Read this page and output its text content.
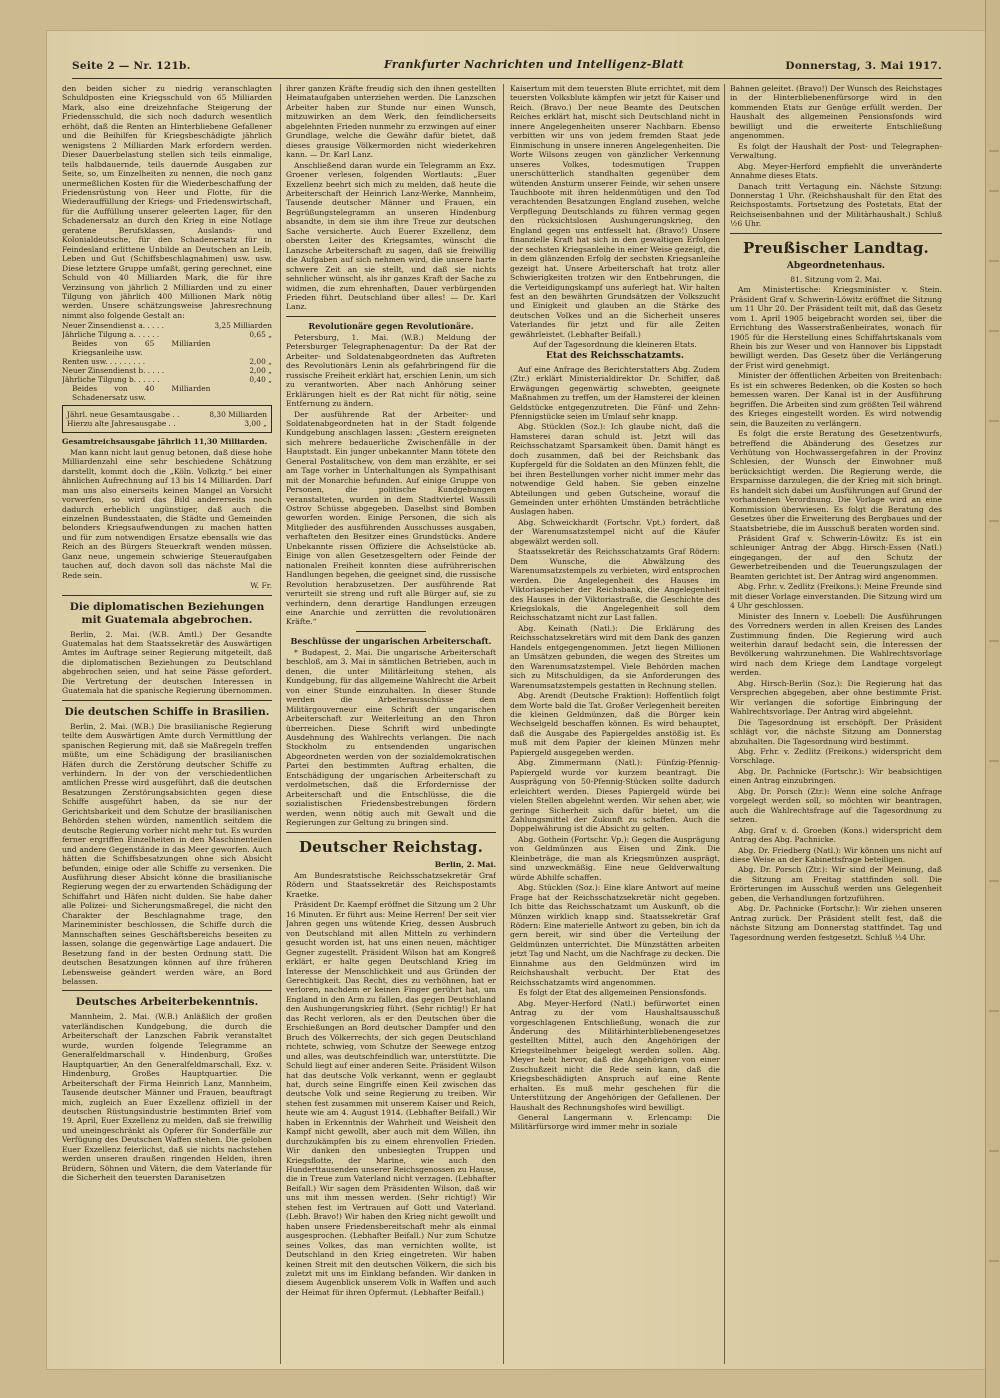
Seite 2 — Nr. 121b.	Frankfurter Nachrichten und Intelligenz-Blatt	Donnerstag, 3. Mai 1917.

den beiden sicher zu niedrig veranschlagten Schuldposten eine Kriegsschuld von 65 Milliarden Mark, also eine dreizehnfache Steigerung der Friedensschuld, die sich noch dadurch wesentlich erhöht, daß die Renten an Hinterbliebene Gefallener und die Beihilfen für Kriegsbeschädigte jährlich wenigstens 2 Milliarden Mark erfordern werden. Dieser Dauerbelastung stellen sich teils einmalige, teils halbdauernde, teils dauernde Ausgaben zur Seite, so, um Einzelheiten zu nennen, die noch ganz unermeßlichen Kosten für die Wiederbeschaffung der Friedensrüstung von Heer und Flotte, für die Wiederauffüllung der Kriegs- und Friedenswirtschaft, für die Auffüllung unserer geleerten Lager, für den Schadenersatz an durch den Krieg in eine Notlage geratene Berufsklassen, Auslands- und Kolonialdeutsche, für den Schadenersatz für in Feindesland erlittene Unbilde an Deutschen an Leib, Leben und Gut (Schiffsbeschlagnahmen) usw. usw. Diese letztere Gruppe umfaßt, gering gerechnet, eine Schuld von 40 Milliarden Mark, die für ihre Verzinsung von jährlich 2 Milliarden und zu einer Tilgung von jährlich 400 Millionen Mark nötig werden. Unsere schätzungsweise Jahresrechnung nimmt also folgende Gestalt an:

Neuer Zinsendienst a. . . . .	3,25 Milliarden
Jährliche Tilgung a. . . . . .	0,65 „
Beides von 65 Milliarden Kriegsanleihe usw.	
Renten usw. . . . . . . . .	2,00 „
Neuer Zinsendienst b. . . . .	2,00 „
Jährliche Tilgung b. . . . . .	0,40 „
Beides von 40 Milliarden Schadenersatz usw.	
Jährl. neue Gesamtausgabe . .	8,30 Milliarden
Hierzu alte Jahresausgabe . .	3,00 „

Gesamtreichsausgabe jährlich 11,30 Milliarden.

Man kann nicht laut genug betonen, daß diese hohe Milliardenzahl eine sehr beschiedene Schätzung darstellt, kommt doch die „Köln. Volkztg.“ bei einer ähnlichen Aufrechnung auf 13 bis 14 Milliarden. Darf man uns also einerseits keinen Mangel an Vorsicht vorwerfen, so wird das Bild andererseits noch dadurch erheblich ungünstiger, daß auch die einzelnen Bundesstaaten, die Städte und Gemeinden belonders Kriegsaufwendungen zu machen hatten und für zum notwendigen Ersatze ebensalls wie das Reich an des Bürgers Steuerkraft wenden müssen. Ganz neue, ungemein schwierige Steueraufgaben tauchen auf, doch davon soll das nächste Mal die Rede sein.

W. Fr.

Die diplomatischen Beziehungen mit Guatemala abgebrochen.

Berlin, 2. Mai. (W.B. Amtl.) Der Gesandte Guatemalas hat dem Staatssekretär des Auswärtigen Amtes im Auftrage seiner Regierung mitgeteilt, daß die diplomatischen Beziehungen zu Deutschland abgebrochen seien, und hat seine Pässe gefordert. Die Vertretung der deutschen Interessen in Guatemala hat die spanische Regierung übernommen.

Die deutschen Schiffe in Brasilien.

Berlin, 2. Mai. (W.B.) Die brasilianische Regierung teilte dem Auswärtigen Amte durch Vermittlung der spanischen Regierung mit, daß sie Maßregeln treffen müßte, um eine Schädigung der brasilianischen Häfen durch die Zerstörung deutscher Schiffe zu verhindern. In der von der verschiedentlichen amtlichen Presse wird ausgeführt, daß die deutschen Besatzungen Zerstörungsabsichten gegen diese Schiffe ausgeführt haben, da sie nur der Gerichtsbarkeit und dem Schutze der brasilianischen Behörden stehen würden, namentlich seitdem die deutsche Regierung vorher nicht mehr tut. Es wurden ferner ergriffen Einzelheiten in den Maschinenteilen und andere Gegenstände in das Meer geworfen. Auch hätten die Schiffsbesatzungen ohne sich Absicht befunden, einige oder alle Schiffe zu versenken. Die Ausführung dieser Absicht könne die brasilianische Regierung wegen der zu erwartenden Schädigung der Schiffahrt und Häfen nicht dulden. Sie habe daher alle Polizei- und Sicherungsmaßregel, die nicht den Charakter der Beschlagnahme trage, den Marineminister beschlossen, die Schiffe durch die Mannschaften seines Geschäftsbereichs beseiten zu lassen, solange die gegenwärtige Lage andauert. Die Besetzung fand in der besten Ordnung statt. Die deutschen Besatzungen können auf ihre früheren Lebensweise geändert werden wäre, an Bord belassen.

Deutsches Arbeiterbekenntnis.

Mannheim, 2. Mai. (W.B.) Anläßlich der großen vaterländischen Kundgebung, die durch die Arbeiterschaft der Lanzschen Fabrik veranstaltet wurde, wurden folgende Telegramme an Generalfeldmarschall v. Hindenburg, Großes Hauptquartier, An den Generalfeldmarschall, Exz. v. Hindenburg, Großes Hauptquartier. Die Arbeiterschaft der Firma Heinrich Lanz, Mannheim, Tausende deutscher Männer und Frauen, beauftragt mich, zugleich an Euer Exzellenz offiziell in der deutschen Rüstungsindustrie bestimmten Brief vom 19. April, Euer Exzellenz zu melden, daß sie freiwillig und uneingeschränkt als Opferer für Sonderfälle zur Verfügung des Deutschen Waffen stehen. Die geloben Euer Exzellenz feierlichst, daß sie nichts nachstehen werden unseren draußen ringenden Helden, ihren Brüdern, Söhnen und Vätern, die dem Vaterlande für die Sicherheit den teuersten Daranisetzen

ihrer ganzen Kräfte freudig sich den ihnen gestellten Heimataufgaben unterziehen werden. Die Lanzschen Arbeiter haben zur Stunde nur einen Wunsch, mitzuwirken an dem Werk, den feindlicherseits abgelehnten Frieden nunmehr zu erzwingen auf einer Grundlage, welche die Gewähr dafür bietet, daß dieses grausige Völkermorden nicht wiederkehren kann. — Dr. Karl Lanz.

Anschließend daran wurde ein Telegramm an Exz. Groener verlesen, folgenden Wortlauts: „Euer Exzellenz beehrt sich mich zu melden, daß heute die Arbeiterschaft der Heinrich Lanz-Werke, Mannheim, Tausende deutscher Männer und Frauen, ein Begrüßungstelegramm an unseren Hindenburg absandte, in dem sie ihm ihre Treue zur deutschen Sache versicherte. Auch Euerer Exzellenz, dem obersten Leiter des Kriegsamtes, wünscht die Lanzsche Arbeiterschaft zu sagen, daß sie freiwillig die Aufgaben auf sich nehmen wird, die unsere harte schwere Zeit an sie stellt, und daß sie nichts sehnlicher wünscht, als ihr ganzes Kraft der Sache zu widmen, die zum ehrenhaften, Dauer verbürgenden Frieden führt. Deutschland über alles! — Dr. Karl Lanz.

Revolutionäre gegen Revolutionäre.

Petersburg, 1. Mai. (W.B.) Meldung der Petersburger Telegraphenagentur: Da der Rat der Arbeiter- und Soldatenabgeordneten das Auftreten des Revolutionärs Lenin als gefahrbringend für die russische Freiheit erklärt hat, erschien Lenin, um sich zu verantworten. Aber nach Anhörung seiner Erklärungen hielt es der Rat nicht für nötig, seine Entfernung zu ändern.

Der ausführende Rat der Arbeiter- und Soldatenabgeordneten hat in der Stadt folgende Kundgebung anschlagen lassen: „Gestern ereigneten sich mehrere bedauerliche Zwischenfälle in der Hauptstadt. Ein junger unbekannter Mann tötete den General Postalitschew, von dem man erzählte, er sei am Tage vorher in Unterhaltungen als Sympathisant mit der Monarchie befunden. Auf einige Gruppe von Personen, die politische Kundgebungen veranstalteten, wurden in dem Stadtviertel Wassili Ostrov Schüsse abgegeben. Daselbst sind Bomben geworfen worden. Einige Personen, die sich als Mitglieder des ausführenden Ausschusses ausgaben, verhafteten den Besitzer eines Grundstücks. Andere Unbekannte rissen Offiziere die Achselstücke ab. Einige von allen Gesetzesgeltern oder Feinde der nationalen Freiheit konnten diese aufrührerischen Handlungen begehen, die geeignet sind, die russische Revolution herabzusetzen. Der ausführende Rat verurteilt sie streng und ruft alle Bürger auf, sie zu verhindern, denn derartige Handlungen erzeugen eine Anarchie und zerrütten die revolutionären Kräfte.“

Beschlüsse der ungarischen Arbeiterschaft.

* Budapest, 2. Mai. Die ungarische Arbeiterschaft beschloß, am 3. Mai in sämtlichen Betrieben, auch in denen, die unter Militärleitung stehen, als Kundgebung, für das allgemeine Wahlrecht die Arbeit von einer Stunde einzuhalten. In dieser Stunde werden die Arbeiterausschüsse dem Militärgouverneur eine Schrift der ungarischen Arbeiterschaft zur Weiterleitung an den Thron überreichen. Diese Schrift wird unbedingte Ausdehnung des Wahlrechts verlangen. Die nach Stockholm zu entsendenden ungarischen Abgeordneten werden von der sozialdemokratischen Partei den bestimmten Auftrag erhalten, die Entschädigung der ungarischen Arbeiterschaft zu verdolmetschen, daß die Erfordernisse der Arbeiterschaft und die Entschlüsse, die die sozialistischen Friedensbestrebungen fördern werden, wenn nötig auch mit Gewalt und die Regierungen zur Geltung zu bringen sind.

Deutscher Reichstag.

Berlin, 2. Mai.

Am Bundesratstische Reichsschatzsekretär Graf Rödern und Staatssekretär des Reichspostamts Kraetke.

Präsident Dr. Kaempf eröffnet die Sitzung um 2 Uhr 16 Minuten. Er führt aus: Meine Herren! Der seit vier Jahren gegen uns wütende Krieg, dessen Ausbruch von Deutschland mit allen Mitteln zu verhindern gesucht worden ist, hat uns einen neuen, mächtiger Gegner zugestellt. Präsident Wilson hat am Kongreß erklärt, er halte gegen Deutschland Krieg im Interesse der Menschlichkeit und aus Gründen der Gerechtigkeit. Das Recht, dies zu verhöhnen, hat er verloren, nachdem er keinen Finger gerührt hat, um England in den Arm zu fallen, das gegen Deutschland den Aushungerungskrieg führt. (Sehr richtig!) Er hat das Recht verloren, als er den Deutschen über die Erschießungen an Bord deutscher Dampfer und den Bruch des Völkerrechts, der sich gegen Deutschland richtete, schwieg, vom Schutze der Seewege entzog und alles, was deutschfeindlich war, unterstützte. Die Schuld liegt auf einer anderen Seite. Präsident Wilson hat das deutsche Volk verkannt, wenn er geglaubt hat, durch seine Eingriffe einen Keil zwischen das deutsche Volk und seine Regierung zu treiben. Wir stehen fest zusammen mit unserem Kaiser und Reich, heute wie am 4. August 1914. (Lebhafter Beifall.) Wir haben in Erkenntnis der Wahrheit und Weisheit den Kampf nicht gewollt, aber auch mit dem Willen, ihn durchzukämpfen bis zu einem ehrenvollen Frieden. Wir danken den unbesiegten Truppen und Kriegsflotte, der Marine, wie auch den Hunderttausenden unserer Reichsgenossen zu Hause, die in Treue zum Vaterland nicht verzagen. (Lebhafter Beifall.) Wir sagen dem Präsidenten Wilson, daß wir uns mit ihm messen werden. (Sehr richtig!) Wir stehen fest im Vertrauen auf Gott und Vaterland. (Lebh. Bravo!) Wir haben den Krieg nicht gewollt und haben unsere Friedensbereitschaft mehr als einmal ausgesprochen. (Lebhafter Beifall.) Nur zum Schutze seines Volkes, das man vernichten wollte, ist Deutschland in den Krieg eingetreten. Wir haben keinen Streit mit den deutschen Völkern, die sich bis zuletzt mit uns im Einklang befanden. Wir danken in diesem Augenblick unserem Volk in Waffen und auch der Heimat für ihren Opfermut. (Lebhafter Beifall.)

Kaisertum mit dem teuersten Blute errichtet, mit dem teuersten Volksblute kämpfen wir jetzt für Kaiser und Reich. (Bravo.) Der neue Beamte des Deutschen Reiches erklärt hat, mischt sich Deutschland nicht in innere Angelegenheiten unserer Nachbarn. Ebenso verbitten wir uns von jedem fremden Staat jede Einmischung in unsere inneren Angelegenheiten. Die Worte Wilsons zeugen von gänzlicher Verkennung unseres Volkes, todesmutigen Truppen unerschütterlich standhalten gegenüber dem wütenden Ansturm unserer Feinde, wir sehen unsere Tauchboote mit ihren heldenmütigen und den Tod verachtenden Besatzungen England zusehen, welche Verpflegung Deutschlands zu führen vermag gegen den rücksichtslosen Aushungerungskrieg, den England gegen uns entfesselt hat. (Bravo!) Unsere finanzielle Kraft hat sich in den gewaltigen Erfolgen der sechsten Kriegsanleihe in einer Weise gezeigt, die in dem glänzenden Erfolg der sechsten Kriegsanleihe gezeigt hat. Unsere Arbeiterschaft hat trotz aller Schwierigkeiten trotzen wir den Entbehrungen, die die Verteidigungskampf uns auferlegt hat. Wir halten fest an den bewährten Grundsätzen der Volkszucht und Einigkeit und glauben an die Stärke des deutschen Volkes und an die Sicherheit unseres Vaterlandes für jetzt und für alle Zeiten gewährleistet. (Lebhafter Beifall.)

Auf der Tagesordnung die kleineren Etats.

Etat des Reichsschatzamts.

Auf eine Anfrage des Berichterstatters Abg. Zudem (Ztr.) erklärt Ministerialdirektor Dr. Schiffer, daß Erwägungen gegenwärtig schwebten, geeignete Maßnahmen zu treffen, um der Hamsterei der kleinen Geldstücke entgegenzutreten. Die Fünf- und Zehn-Pfennigstücke seien im Umlauf sehr knapp.

Abg. Stücklen (Soz.): Ich glaube nicht, daß die Hamsterei daran schuld ist. Jetzt will das Reichsschatzamt Sparsamkeit üben. Damit hängt es doch zusammen, daß bei der Reichsbank das Kupfergeld für die Soldaten an den Münzen fehlt, die bei ihren Bestellungen vorher nicht immer mehr das notwendige Geld haben. Sie geben einzelne Abteilungen und geben Gutscheine, worauf die Gemeinden unter erhöhten Umständen beträchtliche Auslagen haben.

Abg. Schweickhardt (Fortschr. Vpt.) fordert, daß der Warenumsatzstempel nicht auf die Käufer abgewälzt werden soll.

Staatssekretär des Reichsschatzamts Graf Rödern: Dem Wunsche, die Abwälzung des Warenumsatzstempels zu verbieten, wird entsprochen werden. Die Angelegenheit des Hauses im Viktoriaspeicher der Reichsbank, die Angelegenheit des Hauses in der Viktoriastraße, die Geschichte des Kriegslokals, die Angelegenheit soll dem Reichsschatzamt nicht zur Last fallen.

Abg. Keinath (Natl.): Die Erklärung des Reichsschatzsekretärs wird mit dem Dank des ganzen Handels entgegengenommen. Jetzt liegen Millionen an Umsätzen gebunden, die wegen des Streites um den Warenumsatzstempel. Viele Behörden machen sich zu Mitschuldigen, da sie Anforderungen des Warenumsatzstempels gestatten in Rechnung stellen.

Abg. Arendt (Deutsche Fraktion): Hoffentlich folgt dem Worte bald die Tat. Großer Verlegenheit bereiten die kleinen Geldmünzen, daß die Bürger kein Wechselgeld beschaffen können. Es wird behauptet, daß die Ausgabe des Papiergeldes anstößig ist. Es muß mit dem Papier der kleinen Münzen mehr Papiergeld ausgegeben werden.

Abg. Zimmermann (Natl.): Fünfzig-Pfennig-Papiergeld wurde vor kurzem beantragt. Die Ausprägung von 50-Pfennig-Stücken sollte dadurch erleichtert werden. Dieses Papiergeld würde bei vielen Stellen abgelehnt werden. Wir sehen aber, wie geringe Sicherheit sich dafür bietet, um die Zahlungsmittel der Zukunft zu schaffen. Auch die Doppelwährung ist die Absicht zu gelten.

Abg. Gothein (Fortschr. Vp.): Gegen die Ausprägung von Geldmünzen aus Eisen und Zink. Die Kleinbeträge, die man als Kriegsmünzen ausprägt, sind unzweckmäßig. Eine neue Geldverwaltung würde Abhilfe schaffen.

Abg. Stücklen (Soz.): Eine klare Antwort auf meine Frage hat der Reichsschatzsekretär nicht gegeben. Ich bitte das Reichsschatzamt um Auskunft, ob die Münzen wirklich knapp sind. Staatssekretär Graf Rödern: Eine materielle Antwort zu geben, bin ich da gern bereit, wir sind über die Verteilung der Geldmünzen unterrichtet. Die Münzstätten arbeiten jetzt Tag und Nacht, um die Nachfrage zu decken. Die Einnahme aus den Geldmünzen wird im Reichshaushalt verbucht. Der Etat des Reichsschatzamts wird angenommen.

Es folgt der Etat des allgemeinen Pensionsfonds.

Abg. Meyer-Herford (Natl.) befürwortet einen Antrag zu der vom Haushaltsausschuß vorgeschlagenen Entschließung, wonach die zur Änderung des Militärhinterbliebenengesetzes gestellten Mittel, auch den Angehörigen der Kriegsteilnehmer beigelegt werden sollen. Abg. Meyer hebt hervor, daß die Angehörigen von einer Zuschußzeit nicht die Rede sein kann, daß die Kriegsbeschädigten Anspruch auf eine Rente erhalten. Es muß mehr geschehen für die Unterstützung der Angehörigen der Gefallenen. Der Haushalt des Rechnungshofes wird bewilligt.

General Langermann v. Erlencamp: Die Militärfürsorge wird immer mehr in soziale

Bahnen geleitet. (Bravo!) Der Wunsch des Reichstages in der Hinterbliebenenfürsorge wird in den kommenden Etats zur Genüge erfüllt werden. Der Haushalt des allgemeinen Pensionsfonds wird bewilligt und die erweiterte Entschließung angenommen.

Es folgt der Haushalt der Post- und Telegraphen-Verwaltung.

Abg. Meyer-Herford empfiehlt die unveränderte Annahme dieses Etats.

Danach tritt Vertagung ein. Nächste Sitzung: Donnerstag 1 Uhr. (Reichshaushalt für den Etat des Reichspostamts. Fortsetzung des Postetats, Etat der Reichseisenbahnen und der Militärhaushalt.) Schluß ½6 Uhr.

Preußischer Landtag.
Abgeordnetenhaus.

81. Sitzung vom 2. Mai.

Am Ministertische: Kriegsminister v. Stein. Präsident Graf v. Schwerin-Löwitz eröffnet die Sitzung um 11 Uhr 20. Der Präsident teilt mit, daß das Gesetz vom 1. April 1905 beigebracht worden sei, über die Errichtung des Wasserstraßenbeirates, wonach für 1905 für die Herstellung eines Schiffahrtskanals vom Rhein bis zur Weser und von Hannover bis Lippstadt bewilligt werden. Das Gesetz über die Verlängerung der Frist wird genehmigt.

Minister der öffentlichen Arbeiten von Breitenbach: Es ist ein schweres Bedenken, ob die Kosten so hoch bemessen waren. Der Kanal ist in der Ausführung begriffen. Die Arbeiten sind zum größten Teil während des Krieges eingestellt worden. Es wird notwendig sein, die Bauzeiten zu verlängern.

Es folgt die erste Beratung des Gesetzentwurfs, betreffend die Abänderung des Gesetzes zur Verhütung von Hochwassergefahren in der Provinz Schlesien, der Wunsch der Einwohner muß berücksichtigt werden. Die Regierung werde, die Ersparnisse darzulegen, die der Krieg mit sich bringt. Es handelt sich dabei um Ausführungen auf Grund der vorhandenen Verordnung. Die Vorlage wird an eine Kommission überwiesen. Es folgt die Beratung des Gesetzes über die Erweiterung des Bergbaues und der Staatsbetriebe, die im Ausschuß beraten worden sind.

Präsident Graf v. Schwerin-Löwitz: Es ist ein schleuniger Antrag der Abgg. Hirsch-Essen (Natl.) eingegangen, der auf den Schutz der Gewerbetreibenden und die Teuerungszulagen der Beamten gerichtet ist. Der Antrag wird angenommen.

Abg. Frhr. v. Zedlitz (Freikons.): Meine Freunde sind mit dieser Vorlage einverstanden. Die Sitzung wird um 4 Uhr geschlossen.

Minister des Innern v. Loebell: Die Ausführungen des Vorredners werden in allen Kreisen des Landes Zustimmung finden. Die Regierung wird auch weiterhin darauf bedacht sein, die Interessen der Bevölkerung wahrzunehmen. Die Wahlrechtsvorlage wird nach dem Kriege dem Landtage vorgelegt werden.

Abg. Hirsch-Berlin (Soz.): Die Regierung hat das Versprechen abgegeben, aber ohne bestimmte Frist. Wir verlangen die sofortige Einbringung der Wahlrechtsvorlage. Der Antrag wird abgelehnt.

Die Tagesordnung ist erschöpft. Der Präsident schlägt vor, die nächste Sitzung am Donnerstag abzuhalten. Die Tagesordnung wird bestimmt.

Abg. Frhr. v. Zedlitz (Freikons.) widerspricht dem Vorschlage.

Abg. Dr. Pachnicke (Fortschr.): Wir beabsichtigen einen Antrag einzubringen.

Abg. Dr. Porsch (Ztr.): Wenn eine solche Anfrage vorgelegt werden soll, so möchten wir beantragen, auch die Wahlrechtsfrage auf die Tagesordnung zu setzen.

Abg. Graf v. d. Groeben (Kons.) widerspricht dem Antrag des Abg. Pachnicke.

Abg. Dr. Friedberg (Natl.): Wir können uns nicht auf diese Weise an der Kabinettsfrage beteiligen.

Abg. Dr. Porsch (Ztr.): Wir sind der Meinung, daß die Sitzung am Freitag stattfinden soll. Die Erörterungen im Ausschuß werden uns Gelegenheit geben, die Verhandlungen fortzuführen.

Abg. Dr. Pachnicke (Fortschr.): Wir ziehen unseren Antrag zurück. Der Präsident stellt fest, daß die nächste Sitzung am Donnerstag stattfindet. Tag und Tagesordnung werden festgesetzt. Schluß ½4 Uhr.
